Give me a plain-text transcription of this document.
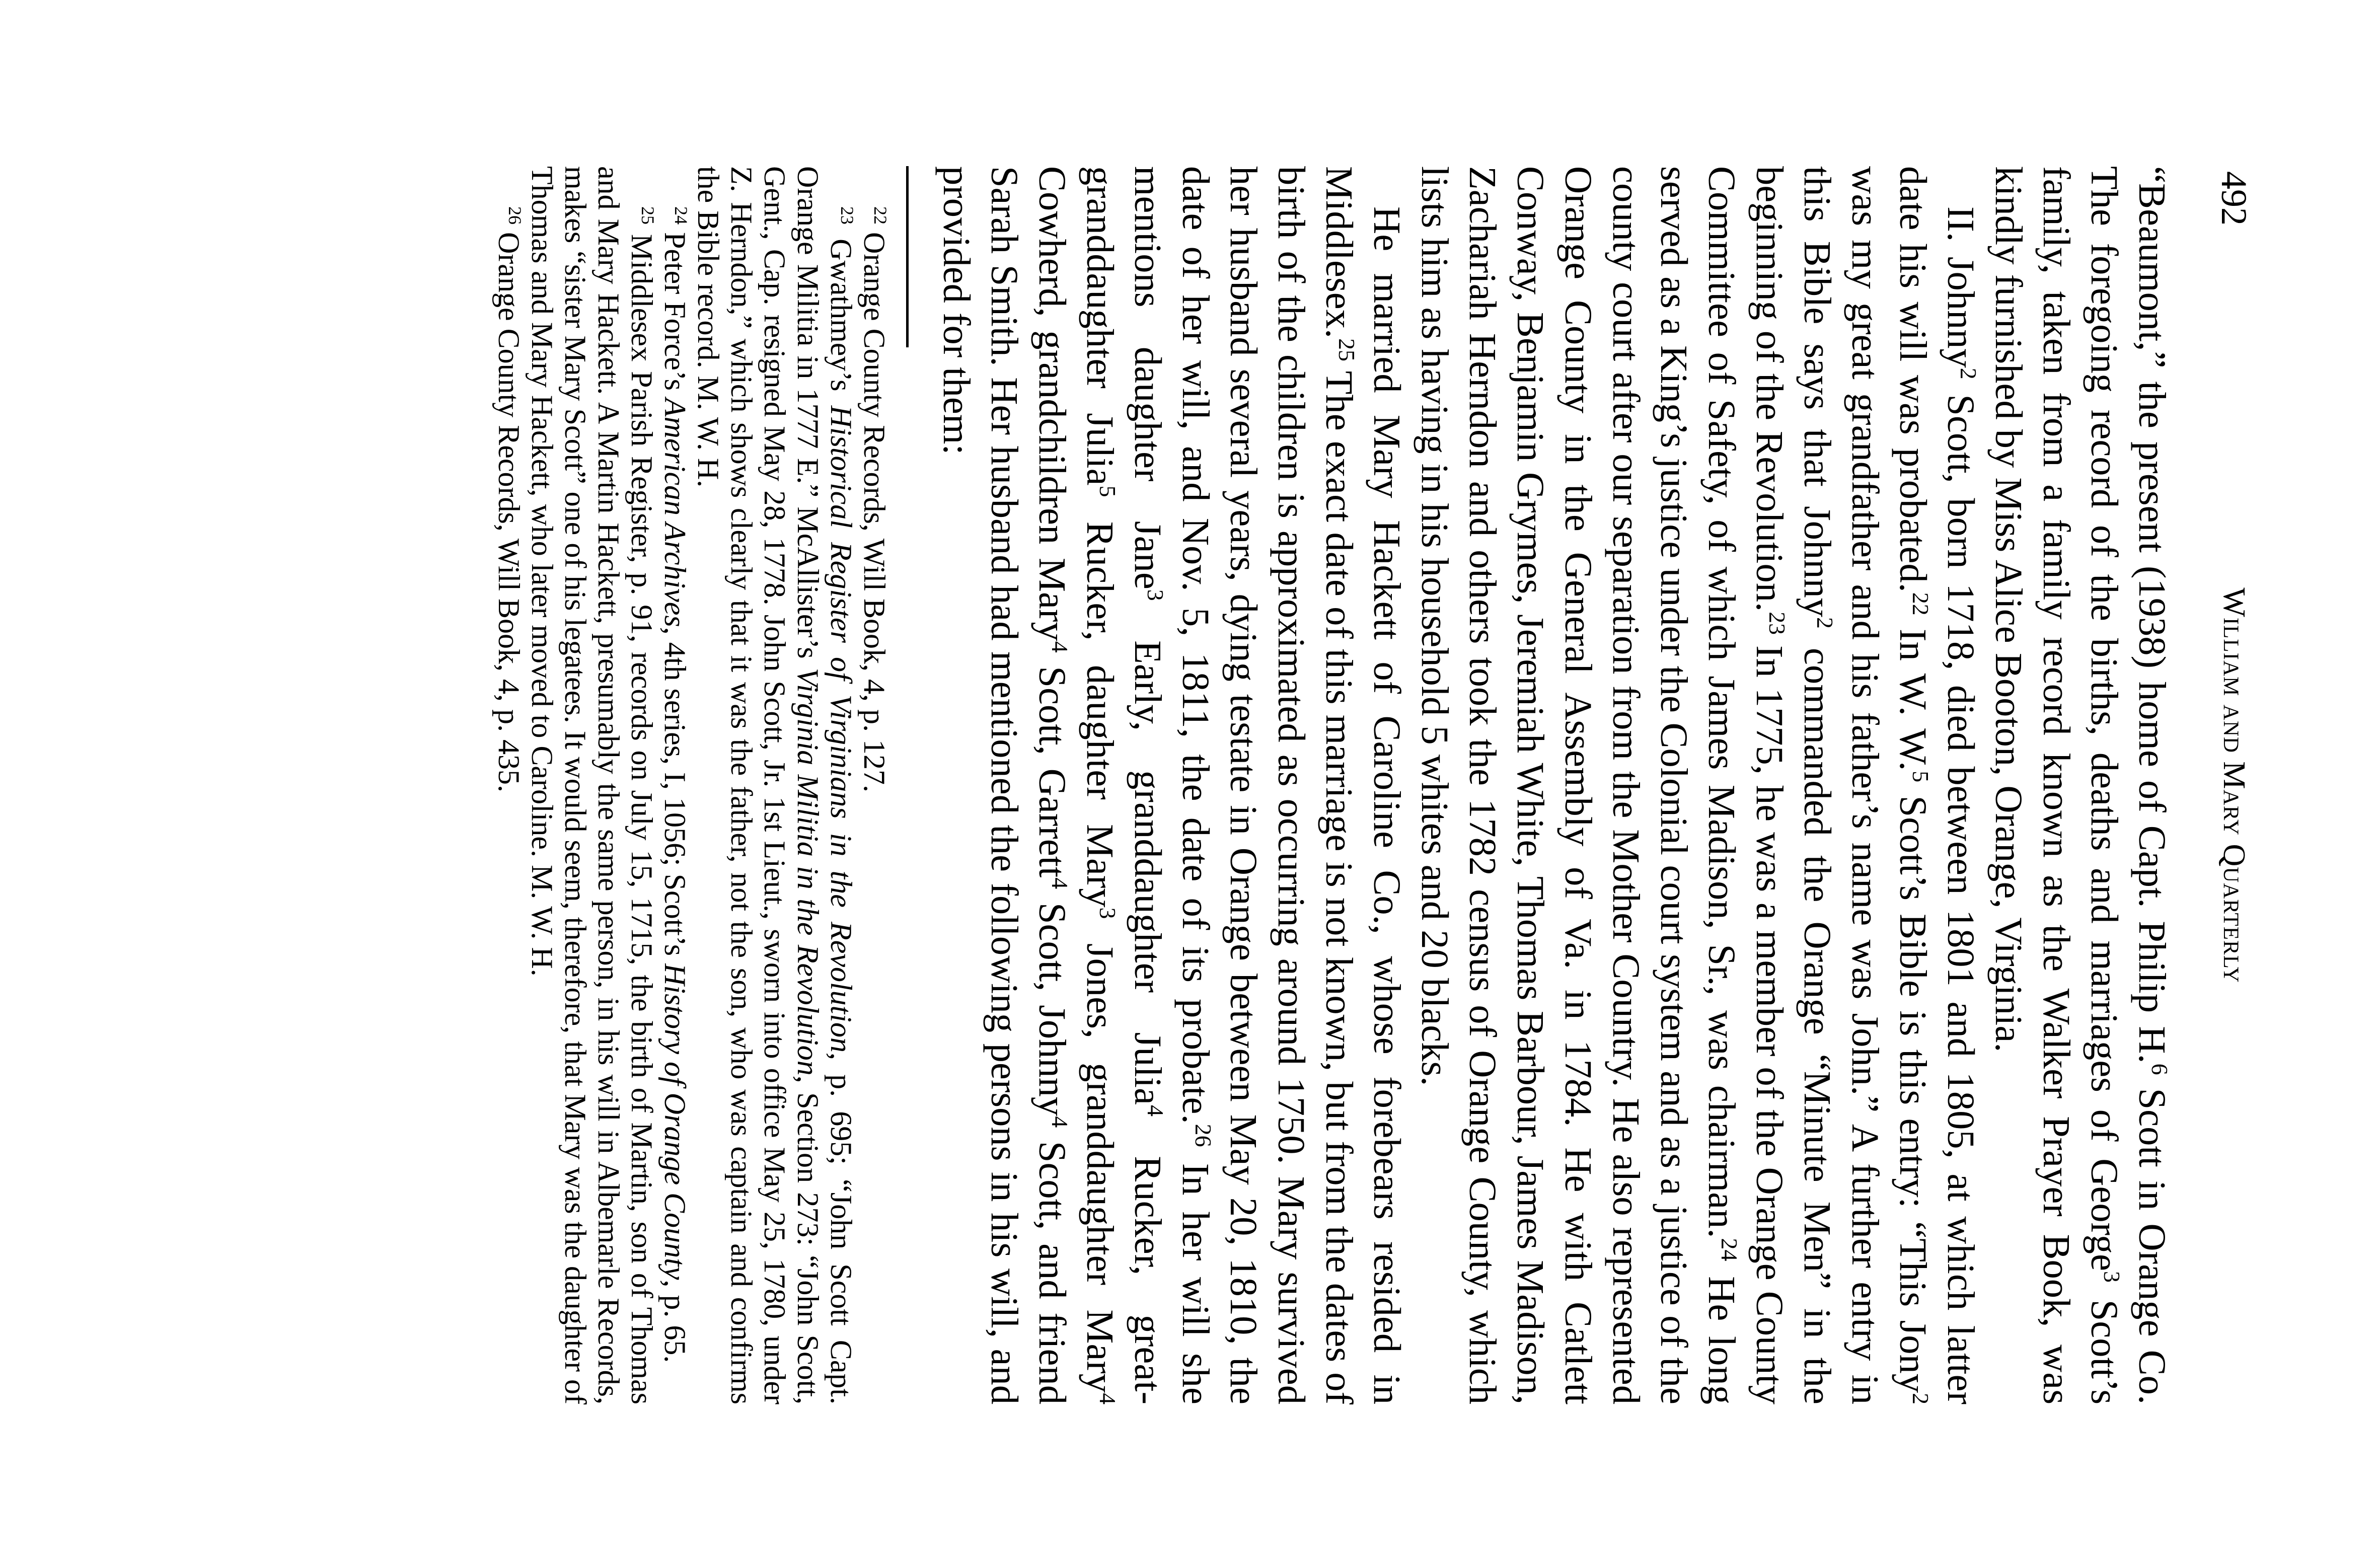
492
William and Mary Quarterly

“Beaumont,” the present (1938) home of Capt. Philip H.$^6$ Scott in Orange Co. The foregoing record of the births, deaths and marriages of George$^3$ Scott’s family, taken from a family record known as the Walker Prayer Book, was kindly furnished by Miss Alice Booton, Orange, Virginia.

II. Johnny$^2$ Scott, born 1718, died between 1801 and 1805, at which latter date his will was probated.$^{22}$ In W. W.$^5$ Scott’s Bible is this entry: “This Jony$^2$ was my great grandfather and his father’s name was John.” A further entry in this Bible says that Johnny$^2$ commanded the Orange “Minute Men” in the beginning of the Revolution.$^{23}$ In 1775, he was a member of the Orange County Committee of Safety, of which James Madison, Sr., was chairman.$^{24}$ He long served as a King’s justice under the Colonial court system and as a justice of the county court after our separation from the Mother Country. He also represented Orange County in the General Assembly of Va. in 1784. He with Catlett Conway, Benjamin Grymes, Jeremiah White, Thomas Barbour, James Madison, Zachariah Herndon and others took the 1782 census of Orange County, which lists him as having in his household 5 whites and 20 blacks.

He married Mary Hackett of Caroline Co., whose forebears resided in Middlesex.$^{25}$ The exact date of this marriage is not known, but from the dates of birth of the children is approximated as occurring around 1750. Mary survived her husband several years, dying testate in Orange between May 20, 1810, the date of her will, and Nov. 5, 1811, the date of its probate.$^{26}$ In her will she mentions daughter Jane$^3$ Early, granddaughter Julia$^4$ Rucker, great-granddaughter Julia$^5$ Rucker, daughter Mary$^3$ Jones, granddaughter Mary$^4$ Cowherd, grandchildren Mary$^4$ Scott, Garrett$^4$ Scott, Johnny$^4$ Scott, and friend Sarah Smith. Her husband had mentioned the following persons in his will, and provided for them:

$^{22}$ Orange County Records, Will Book, 4, p. 127.

$^{23}$ Gwathmey’s Historical Register of Virginians in the Revolution, p. 695; “John Scott Capt. Orange Militia in 1777 E.” McAllister’s Virginia Militia in the Revolution, Section 273: “John Scott, Gent., Cap. resigned May 28, 1778. John Scott, Jr. 1st Lieut., sworn into office May 25, 1780, under Z. Herndon,” which shows clearly that it was the father, not the son, who was captain and confirms the Bible record. M. W. H.

$^{24}$ Peter Force’s American Archives, 4th series, I, 1056; Scott’s History of Orange County, p. 65.

$^{25}$ Middlesex Parish Register, p. 91, records on July 15, 1715, the birth of Martin, son of Thomas and Mary Hackett. A Martin Hackett, presumably the same person, in his will in Albemarle Records, makes “sister Mary Scott” one of his legatees. It would seem, therefore, that Mary was the daughter of Thomas and Mary Hackett, who later moved to Caroline. M. W. H.

$^{26}$ Orange County Records, Will Book, 4, p. 435.
